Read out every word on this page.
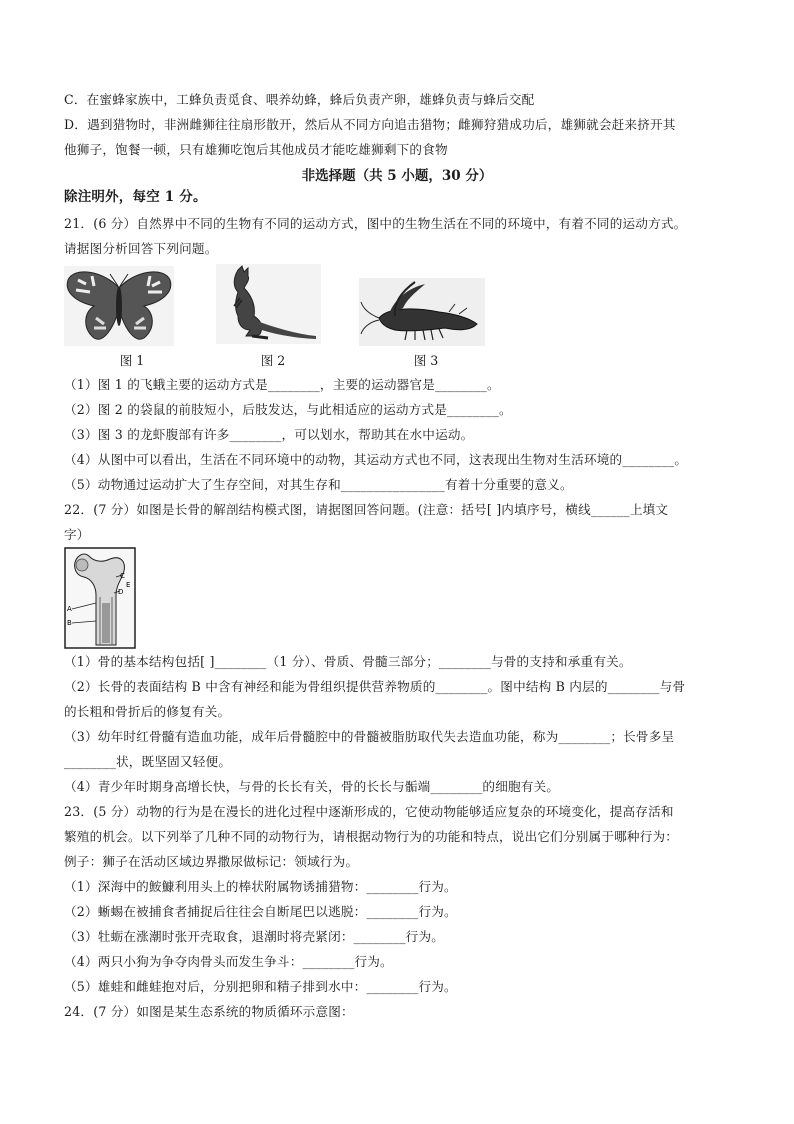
C．在蜜蜂家族中，工蜂负责觅食、喂养幼蜂，蜂后负责产卵，雄蜂负责与蜂后交配
D．遇到猎物时，非洲雌狮往往扇形散开，然后从不同方向追击猎物；雌狮狩猎成功后，雄狮就会赶来挤开其
他狮子，饱餐一顿，只有雄狮吃饱后其他成员才能吃雄狮剩下的食物
非选择题（共 5 小题，30 分）
除注明外，每空 1 分。
21．(6 分）自然界中不同的生物有不同的运动方式，图中的生物生活在不同的环境中，有着不同的运动方式。
请据图分析回答下列问题。
图 1	图 2	图 3
（1）图 1 的飞蛾主要的运动方式是________，主要的运动器官是________。
（2）图 2 的袋鼠的前肢短小，后肢发达，与此相适应的运动方式是________。
（3）图 3 的龙虾腹部有许多________，可以划水，帮助其在水中运动。
（4）从图中可以看出，生活在不同环境中的动物，其运动方式也不同，这表现出生物对生活环境的________。
（5）动物通过运动扩大了生存空间，对其生存和________________有着十分重要的意义。
22．(7 分）如图是长骨的解剖结构模式图，请据图回答问题。(注意：括号[ ]内填序号，横线______上填文
字）
C
E
D
A
B
（1）骨的基本结构包括[ ]________（1 分）、骨质、骨髓三部分；________与骨的支持和承重有关。
（2）长骨的表面结构 B 中含有神经和能为骨组织提供营养物质的________。图中结构 B 内层的________与骨
的长粗和骨折后的修复有关。
（3）幼年时红骨髓有造血功能，成年后骨髓腔中的骨髓被脂肪取代失去造血功能，称为________；长骨多呈
________状，既坚固又轻便。
（4）青少年时期身高增长快，与骨的长长有关，骨的长长与骺端________的细胞有关。
23．(5 分）动物的行为是在漫长的进化过程中逐渐形成的，它使动物能够适应复杂的环境变化，提高存活和
繁殖的机会。以下列举了几种不同的动物行为，请根据动物行为的功能和特点，说出它们分别属于哪种行为：
例子：狮子在活动区域边界撒尿做标记：领域行为。
（1）深海中的鮟鱇利用头上的棒状附属物诱捕猎物：________行为。
（2）蜥蜴在被捕食者捕捉后往往会自断尾巴以逃脱：________行为。
（3）牡蛎在涨潮时张开壳取食，退潮时将壳紧闭：________行为。
（4）两只小狗为争夺肉骨头而发生争斗：________行为。
（5）雄蛙和雌蛙抱对后，分别把卵和精子排到水中：________行为。
24．(7 分）如图是某生态系统的物质循环示意图：
